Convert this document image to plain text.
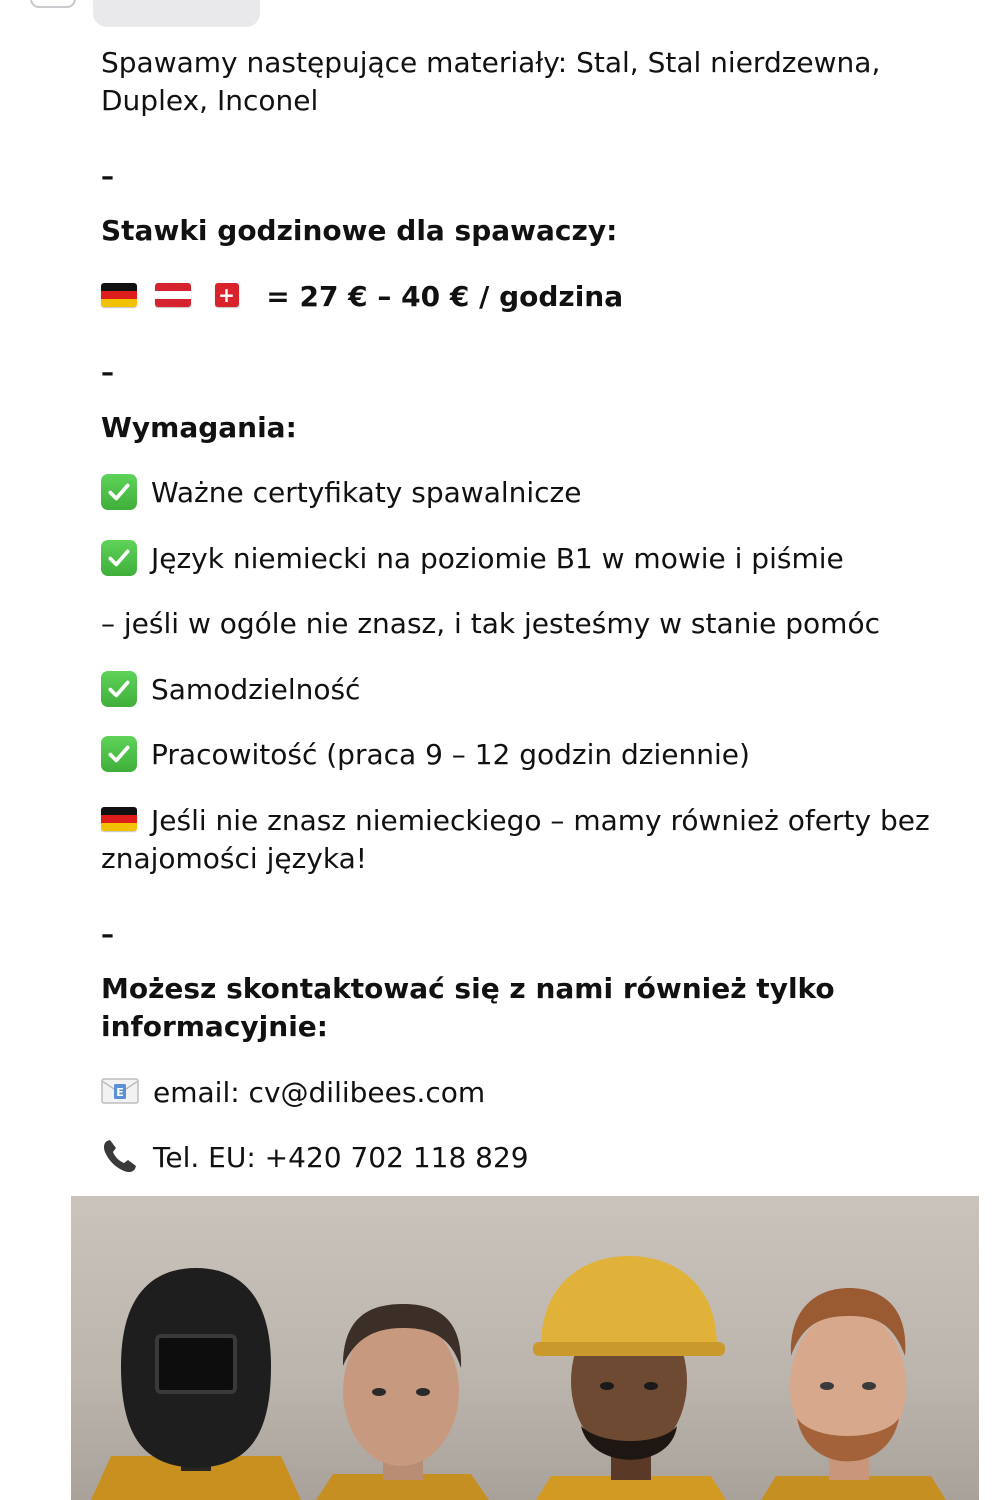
Spawamy następujące materiały: Stal, Stal nierdzewna, Duplex, Inconel
–
Stawki godzinowe dla spawaczy:

+ = 27 € – 40 € / godzina
–
Wymagania:
Ważne certyfikaty spawalnicze
Język niemiecki na poziomie B1 w mowie i piśmie
– jeśli w ogóle nie znasz, i tak jesteśmy w stanie pomóc
Samodzielność
Pracowitość (praca 9 – 12 godzin dziennie)
Jeśli nie znasz niemieckiego – mamy również oferty bez znajomości języka!
–
Możesz skontaktować się z nami również tylko informacyjnie:
E email: cv@dilibees.com
Tel. EU: +420 702 118 829
